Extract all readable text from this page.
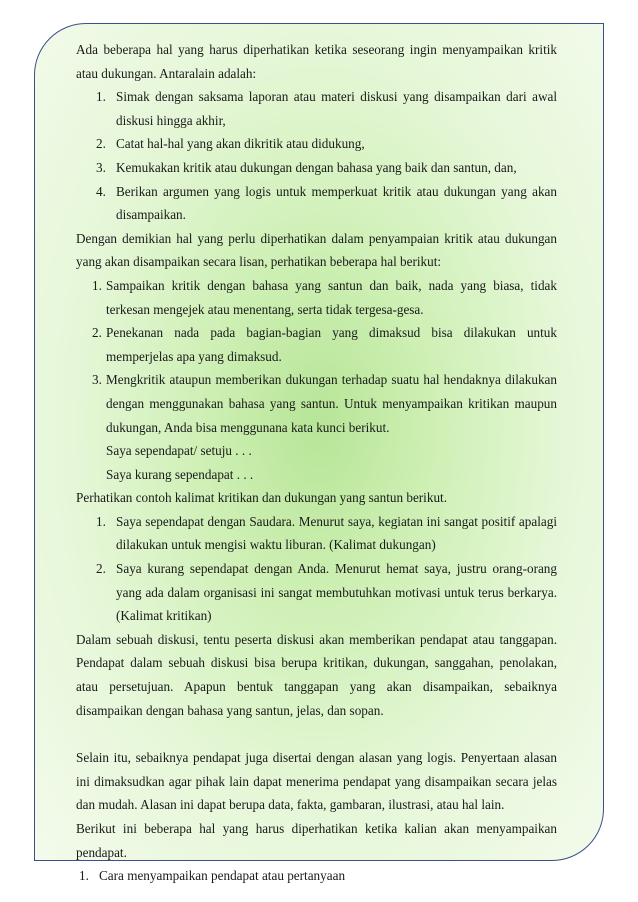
Ada beberapa hal yang harus diperhatikan ketika seseorang ingin menyampaikan kritik atau dukungan. Antaralain adalah:

1. Simak dengan saksama laporan atau materi diskusi yang disampaikan dari awal diskusi hingga akhir,
2. Catat hal-hal yang akan dikritik atau didukung,
3. Kemukakan kritik atau dukungan dengan bahasa yang baik dan santun, dan,
4. Berikan argumen yang logis untuk memperkuat kritik atau dukungan yang akan disampaikan.

Dengan demikian hal yang perlu diperhatikan dalam penyampaian kritik atau dukungan yang akan disampaikan secara lisan, perhatikan beberapa hal berikut:

1. Sampaikan kritik dengan bahasa yang santun dan baik, nada yang biasa, tidak terkesan mengejek atau menentang, serta tidak tergesa-gesa.
2. Penekanan nada pada bagian-bagian yang dimaksud bisa dilakukan untuk memperjelas apa yang dimaksud.
3. Mengkritik ataupun memberikan dukungan terhadap suatu hal hendaknya dilakukan dengan menggunakan bahasa yang santun. Untuk menyampaikan kritikan maupun dukungan, Anda bisa menggunana kata kunci berikut.

Saya sependapat/ setuju . . .

Saya kurang sependapat . . .

Perhatikan contoh kalimat kritikan dan dukungan yang santun berikut.

1. Saya sependapat dengan Saudara. Menurut saya, kegiatan ini sangat positif apalagi dilakukan untuk mengisi waktu liburan. (Kalimat dukungan)
2. Saya kurang sependapat dengan Anda. Menurut hemat saya, justru orang-orang yang ada dalam organisasi ini sangat membutuhkan motivasi untuk terus berkarya. (Kalimat kritikan)

Dalam sebuah diskusi, tentu peserta diskusi akan memberikan pendapat atau tanggapan. Pendapat dalam sebuah diskusi bisa berupa kritikan, dukungan, sanggahan, penolakan, atau persetujuan. Apapun bentuk tanggapan yang akan disampaikan, sebaiknya disampaikan dengan bahasa yang santun, jelas, dan sopan.

Selain itu, sebaiknya pendapat juga disertai dengan alasan yang logis. Penyertaan alasan ini dimaksudkan agar pihak lain dapat menerima pendapat yang disampaikan secara jelas dan mudah. Alasan ini dapat berupa data, fakta, gambaran, ilustrasi, atau hal lain.

Berikut ini beberapa hal yang harus diperhatikan ketika kalian akan menyampaikan pendapat.

1. Cara menyampaikan pendapat atau pertanyaan
